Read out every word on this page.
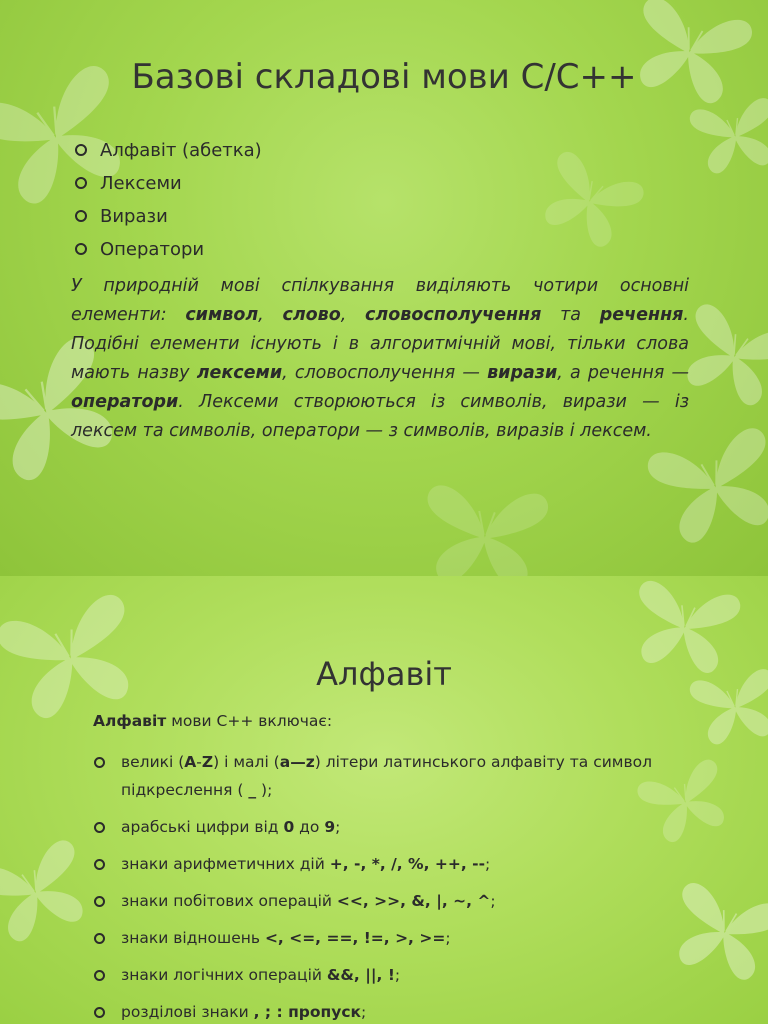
Базові складові мови С/С++
Алфавіт (абетка)
Лексеми
Вирази
Оператори

У природній мові спілкування виділяють чотири основні елементи: символ, слово, словосполучення та речення. Подібні елементи існують і в алгоритмічній мові, тільки слова мають назву лексеми, словосполучення — вирази, а речення — оператори. Лексеми створюються із символів, вирази — із лексем та символів, оператори — з символів, виразів і лексем.

Алфавіт

Алфавіт мови С++ включає:

великі (A-Z) і малі (a—z) літери латинського алфавіту та символ підкреслення ( _ );
арабські цифри від 0 до 9;
знаки арифметичних дій +, -, *, /, %, ++, --;
знаки побітових операцій <<, >>, &, |, ~, ^;
знаки відношень <, <=, ==, !=, >, >=;
знаки логічних операцій &&, ||, !;
розділові знаки , ; : пропуск;
